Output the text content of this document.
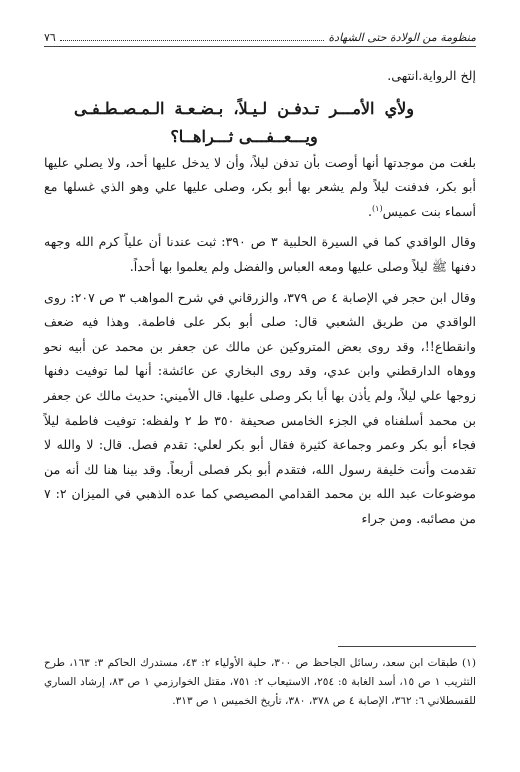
منظومة من الولادة حتى الشهادة
٧٦

إلخ الرواية.انتهى.

ولأي الأمـــر تـدفـن لـيـلاً، بـضـعـة الـمـصـطـفـى ويـــعــفـــى ثـــراهــا؟

بلغت من موجدتها أنها أوصت بأن تدفن ليلاً، وأن لا يدخل عليها أحد، ولا يصلي عليها أبو بكر، فدفنت ليلاً ولم يشعر بها أبو بكر، وصلى عليها علي وهو الذي غسلها مع أسماء بنت عميس$^{(١)}$.

وقال الواقدي كما في السيرة الحلبية ٣ ص ٣٩٠: ثبت عندنا أن علياً كرم الله وجهه دفنها ﷺ ليلاً وصلى عليها ومعه العباس والفضل ولم يعلموا بها أحداً.

وقال ابن حجر في الإصابة ٤ ص ٣٧٩، والزرقاني في شرح المواهب ٣ ص ٢٠٧: روى الواقدي من طريق الشعبي قال: صلى أبو بكر على فاطمة. وهذا فيه ضعف وانقطاع!!، وقد روى بعض المتروكين عن مالك عن جعفر بن محمد عن أبيه نحو ووهاه الدارقطني وابن عدي، وقد روى البخاري عن عائشة: أنها لما توفيت دفنها زوجها علي ليلاً، ولم يأذن بها أبا بكر وصلى عليها. قال الأميني: حديث مالك عن جعفر بن محمد أسلفناه في الجزء الخامس صحيفة ٣٥٠ ط ٢ ولفظه: توفيت فاطمة ليلاً فجاء أبو بكر وعمر وجماعة كثيرة فقال أبو بكر لعلي: تقدم فصل. قال: لا والله لا تقدمت وأنت خليفة رسول الله، فتقدم أبو بكر فصلى أربعاً. وقد بينا هنا لك أنه من موضوعات عبد الله بن محمد القدامي المصيصي كما عده الذهبي في الميزان ٢: ٧ من مصائبه. ومن جراء

(١) طبقات ابن سعد، رسائل الجاحظ ص ٣٠٠، حلية الأولياء ٢: ٤٣، مستدرك الحاكم ٣: ١٦٣، طرح التثريب ١ ص ١٥، أسد الغابة ٥: ٢٥٤، الاستيعاب ٢: ٧٥١، مقتل الخوارزمي ١ ص ٨٣، إرشاد الساري للقسطلاني ٦: ٣٦٢، الإصابة ٤ ص ٣٧٨، ٣٨٠، تأريخ الخميس ١ ص ٣١٣.
